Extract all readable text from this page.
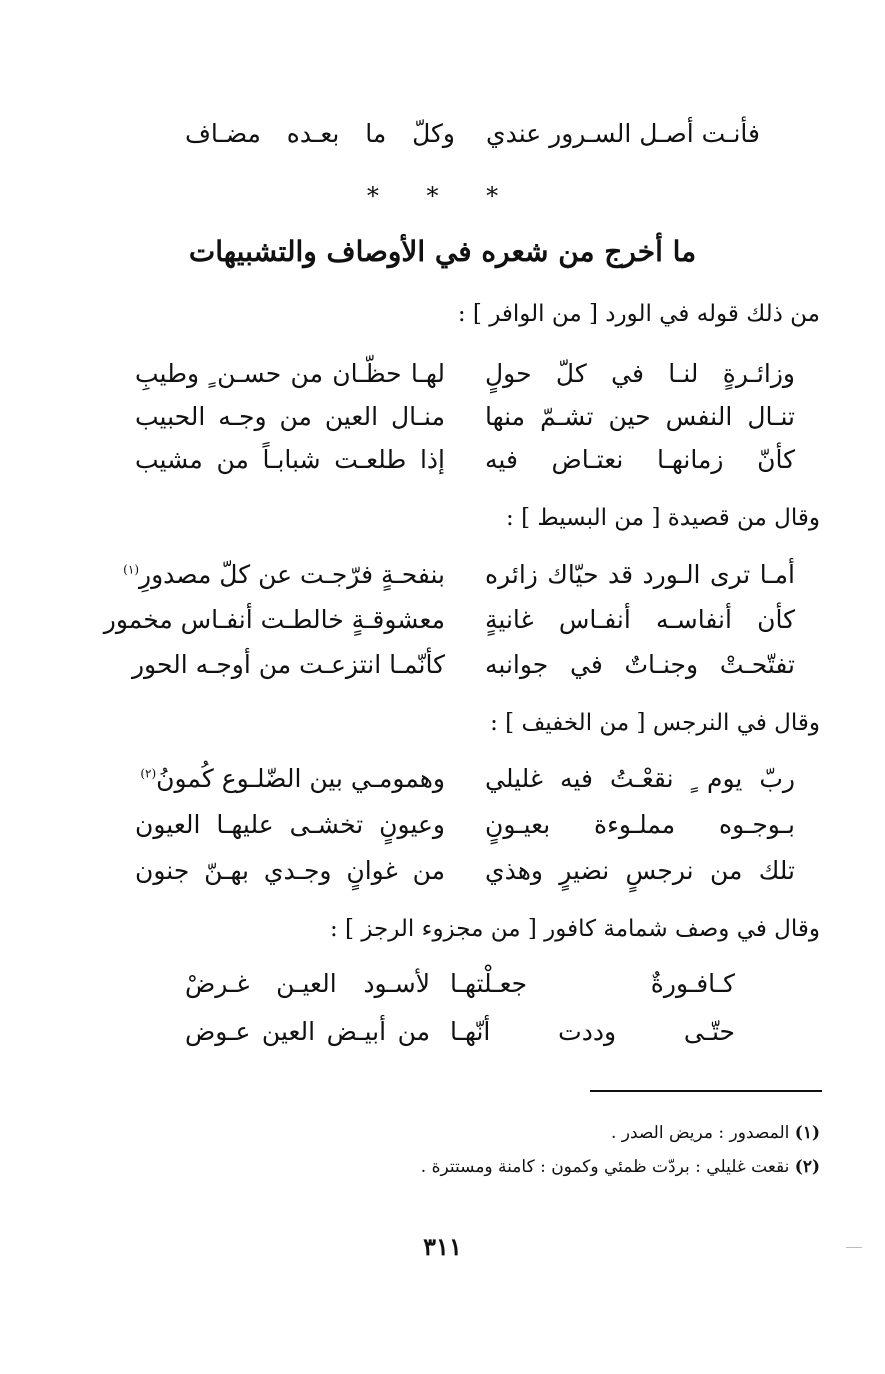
فأنـت أصـل السـرور عندي
وكلّ ما بعـده مضـاف
* * *
ما أخرج من شعره في الأوصاف والتشبيهات
من ذلك قوله في الورد [ من الوافر ] :
وزائـرةٍ لنـا في كلّ حولٍ
لهـا حظّـان من حسـن ٍ وطيبِ
تنـال النفس حين تشـمّ منها
منـال العين من وجـه الحبيب
كأنّ زمانهـا نعتـاض فيه
إذا طلعـت شبابـاً من مشيب
وقال من قصيدة [ من البسيط ] :
أمـا ترى الـورد قد حيّاك زائره
بنفحـةٍ فرّجـت عن كلّ مصدورِ$^{(١)}$
كأن أنفاسـه أنفـاس غانيةٍ
معشوقـةٍ خالطـت أنفـاس مخمور
تفتّحـتْ وجنـاتٌ في جوانبه
كأنّمـا انتزعـت من أوجـه الحور
وقال في النرجس [ من الخفيف ] :
ربّ يوم ٍ نقعْـتُ فيه غليلي
وهمومـي بين الضّلـوع كُمونُ$^{(٢)}$
بـوجـوه مملـوءة بعيـونٍ
وعيونٍ تخشـى عليهـا العيون
تلك من نرجسٍ نضيرٍ وهذي
من غوانٍ وجـدي بهـنّ جنون
وقال في وصف شمامة كافور [ من مجزوء الرجز ] :
كـافـورةٌ جعـلْتهـا
لأسـود العيـن غـرضْ
حتّـى وددت أنّهـا
من أبيـض العين عـوض
(١) المصدور : مريض الصدر .
(٢) نقعت غليلي : بردّت ظمئي وكمون : كامنة ومستترة .
٣١١
